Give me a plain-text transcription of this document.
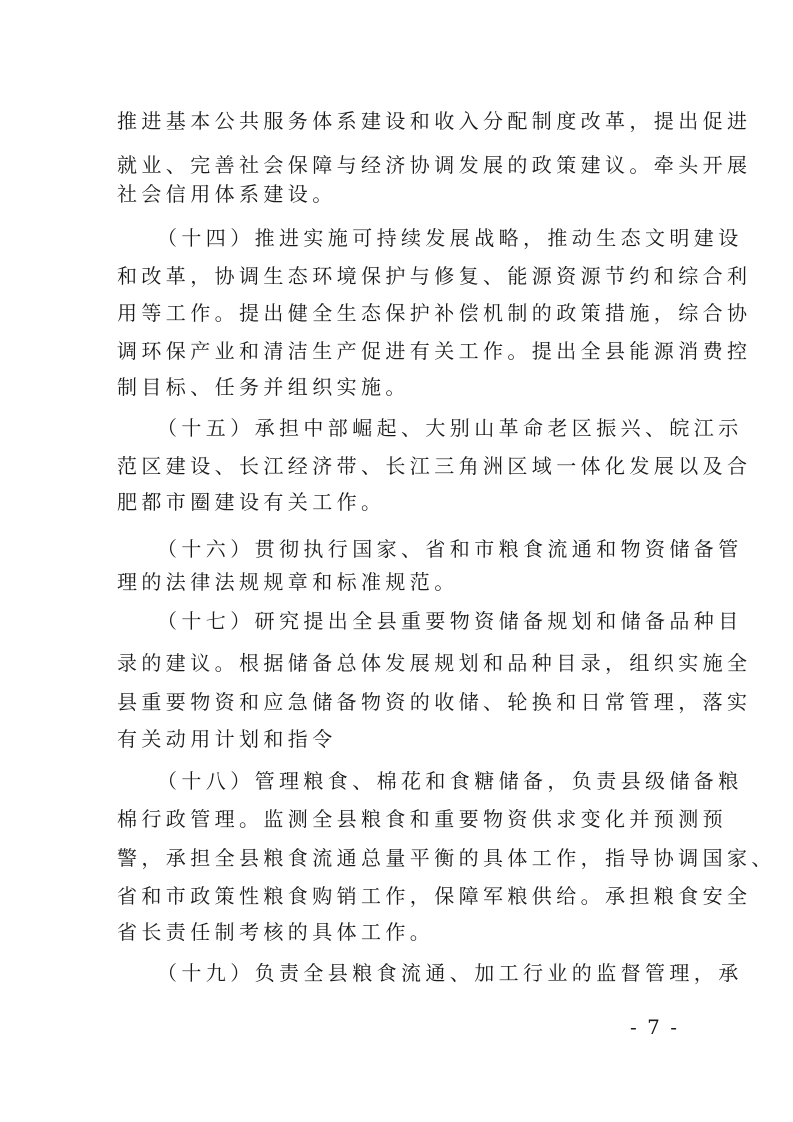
推进基本公共服务体系建设和收入分配制度改革，提出促进
就业、完善社会保障与经济协调发展的政策建议。牵头开展
社会信用体系建设。
（十四）推进实施可持续发展战略，推动生态文明建设
和改革，协调生态环境保护与修复、能源资源节约和综合利
用等工作。提出健全生态保护补偿机制的政策措施，综合协
调环保产业和清洁生产促进有关工作。提出全县能源消费控
制目标、任务并组织实施。
（十五）承担中部崛起、大别山革命老区振兴、皖江示
范区建设、长江经济带、长江三角洲区域一体化发展以及合
肥都市圈建设有关工作。
（十六）贯彻执行国家、省和市粮食流通和物资储备管
理的法律法规规章和标准规范。
（十七）研究提出全县重要物资储备规划和储备品种目
录的建议。根据储备总体发展规划和品种目录，组织实施全
县重要物资和应急储备物资的收储、轮换和日常管理，落实
有关动用计划和指令
（十八）管理粮食、棉花和食糖储备，负责县级储备粮
棉行政管理。监测全县粮食和重要物资供求变化并预测预
警，承担全县粮食流通总量平衡的具体工作，指导协调国家、
省和市政策性粮食购销工作，保障军粮供给。承担粮食安全
省长责任制考核的具体工作。
（十九）负责全县粮食流通、加工行业的监督管理，承
- 7 -
